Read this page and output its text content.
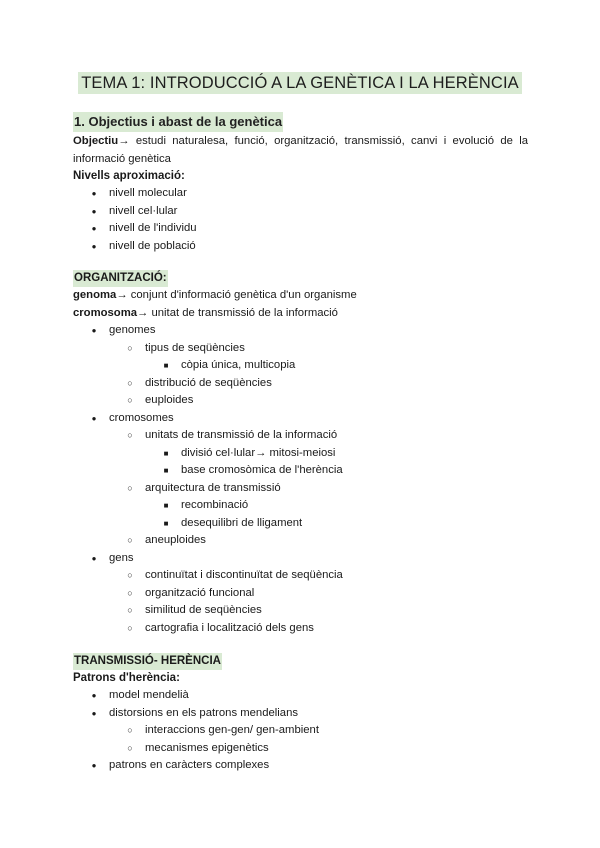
TEMA 1: INTRODUCCIÓ A LA GENÈTICA I LA HERÈNCIA
1. Objectius i abast de la genètica
Objectiu→ estudi naturalesa, funció, organització, transmissió, canvi i evolució de la informació genètica
Nivells aproximació:
● nivell molecular
● nivell cel·lular
● nivell de l'individu
● nivell de població
ORGANITZACIÓ:
genoma→ conjunt d'informació genètica d'un organisme
cromosoma→ unitat de transmissió de la informació
● genomes
○ tipus de seqüències
■ còpia única, multicopia
○ distribució de seqüències
○ euploides
● cromosomes
○ unitats de transmissió de la informació
■ divisió cel·lular→ mitosi-meiosi
■ base cromosòmica de l'herència
○ arquitectura de transmissió
■ recombinació
■ desequilibri de lligament
○ aneuploides
● gens
○ continuïtat i discontinuïtat de seqüència
○ organització funcional
○ similitud de seqüències
○ cartografia i localització dels gens
TRANSMISSIÓ- HERÈNCIA
Patrons d'herència:
● model mendelià
● distorsions en els patrons mendelians
○ interaccions gen-gen/ gen-ambient
○ mecanismes epigenètics
● patrons en caràcters complexes
